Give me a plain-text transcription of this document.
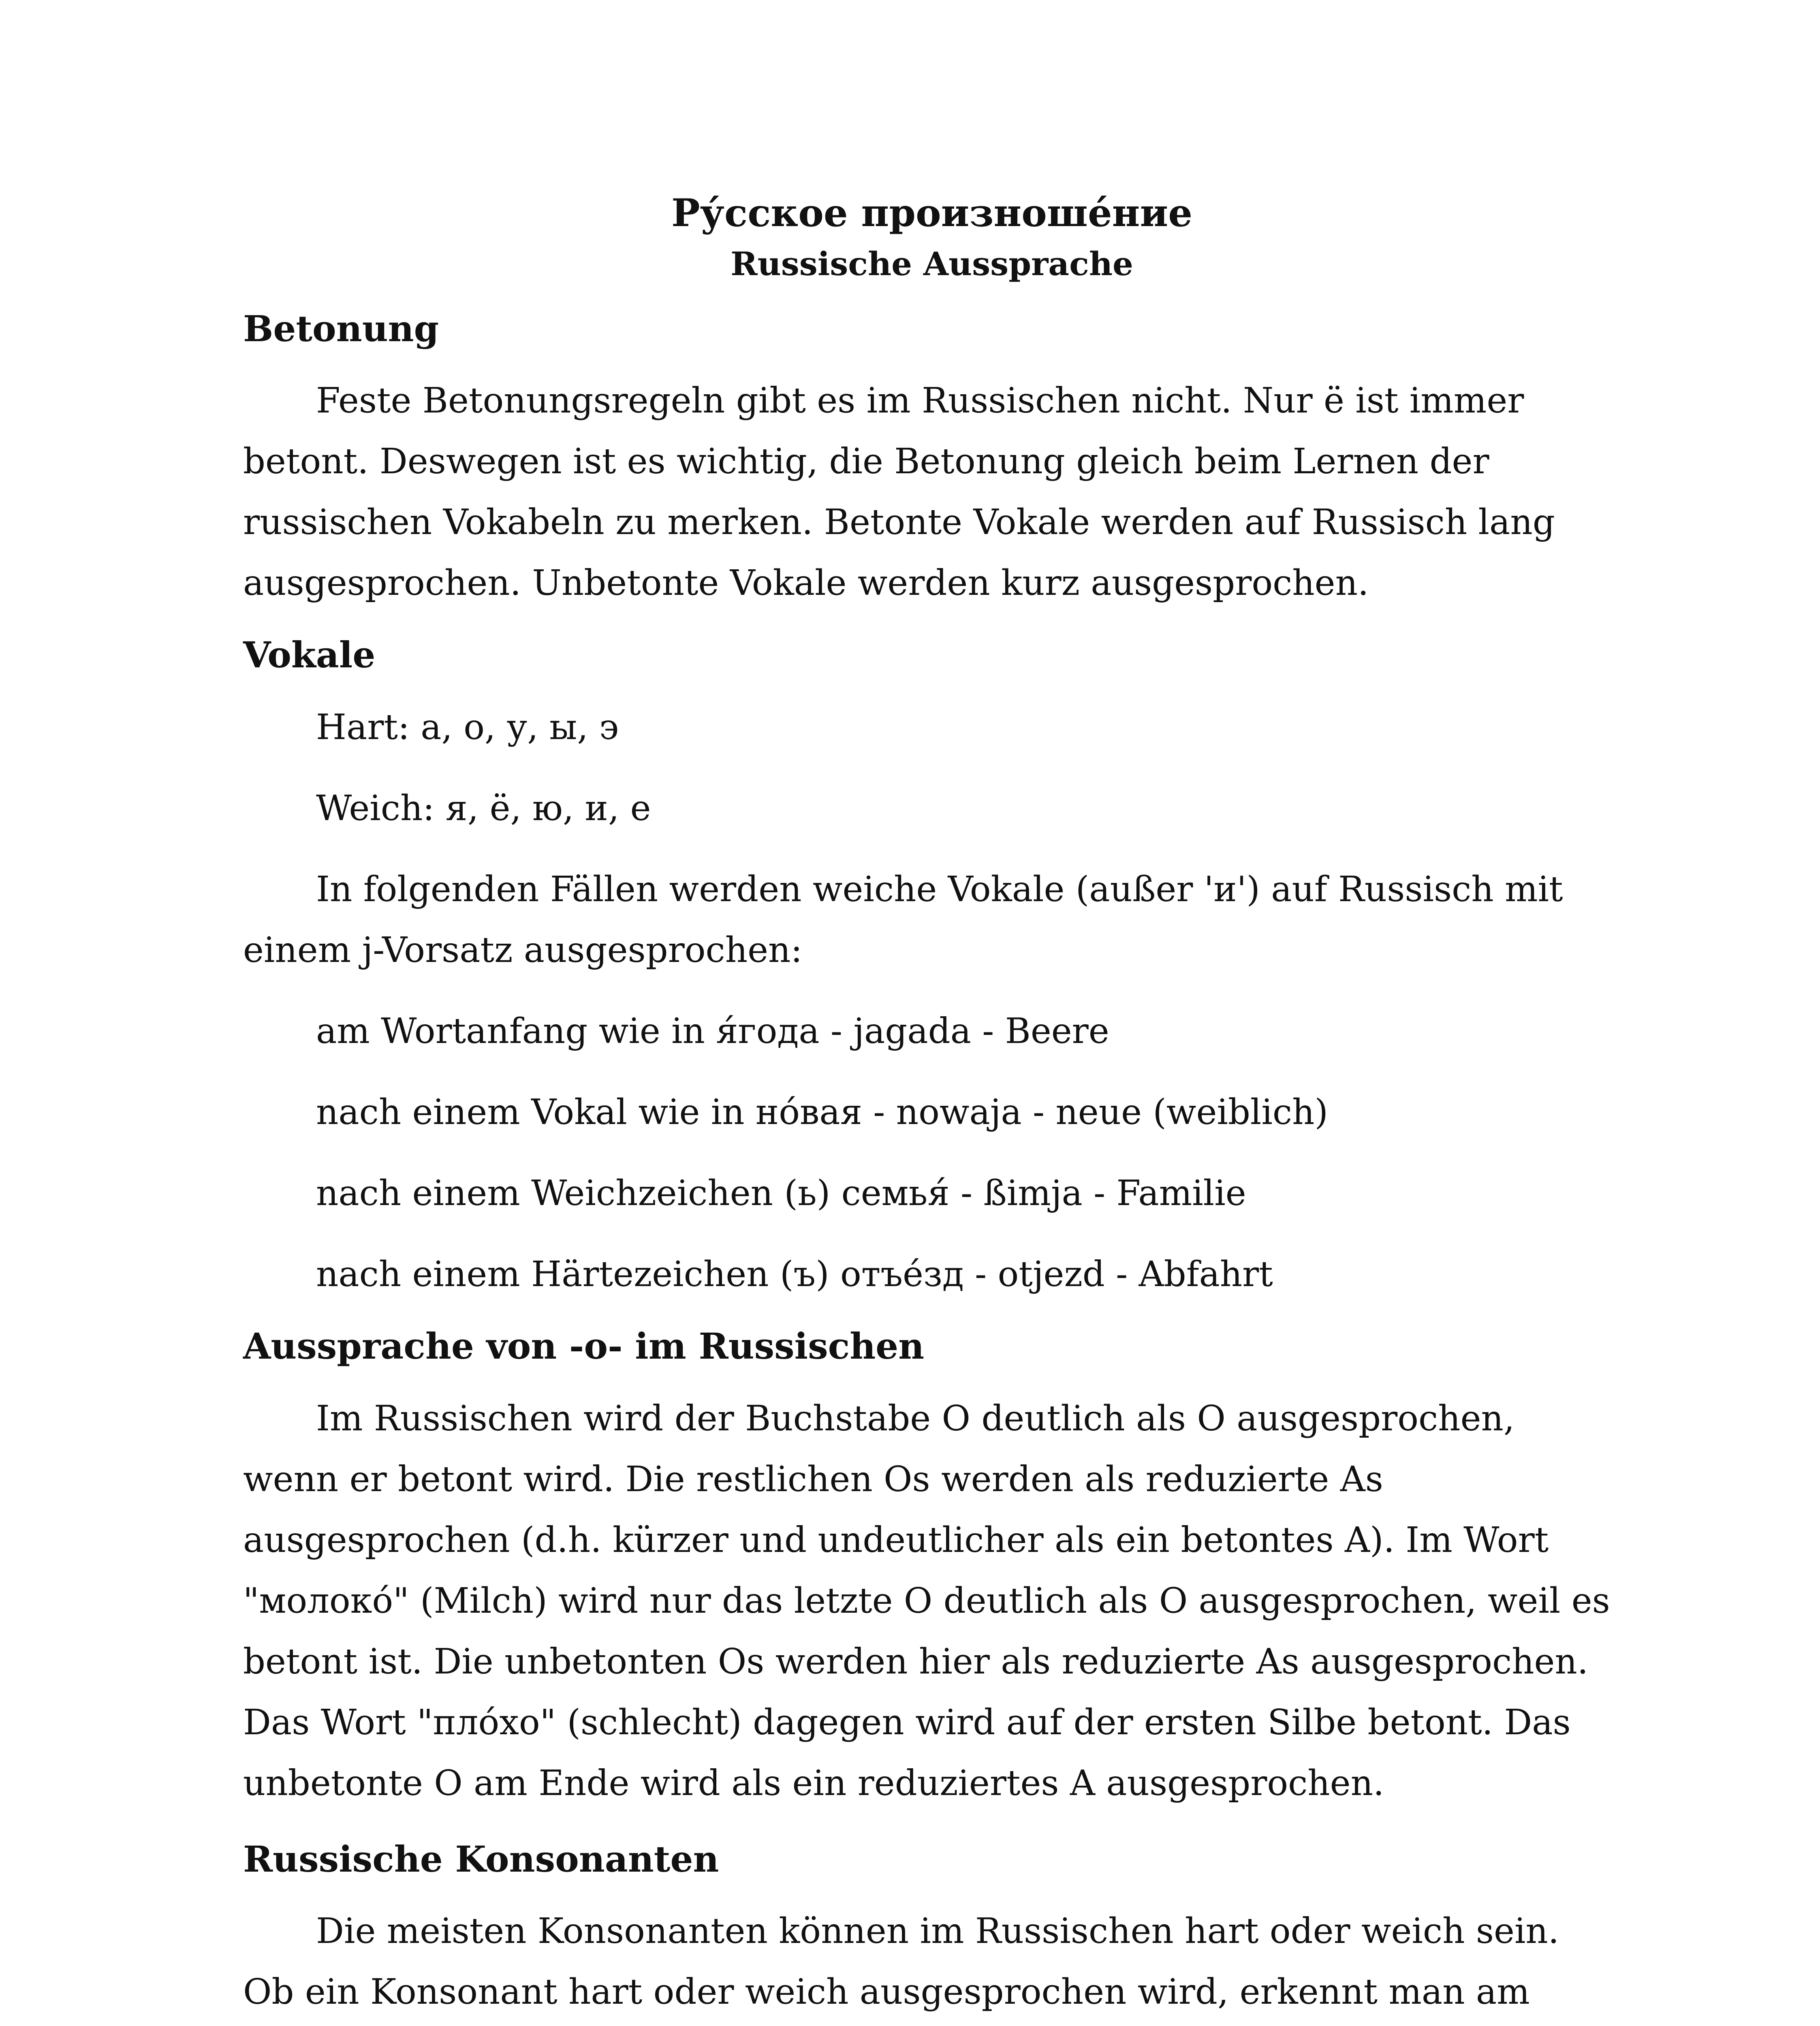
Ру́сское произноше́ние
Russische Aussprache
Betonung

Feste Betonungsregeln gibt es im Russischen nicht. Nur ё ist immer betont. Deswegen ist es wichtig, die Betonung gleich beim Lernen der russischen Vokabeln zu merken. Betonte Vokale werden auf Russisch lang ausgesprochen. Unbetonte Vokale werden kurz ausgesprochen.

Vokale

Hart: а, о, у, ы, э

Weich: я, ё, ю, и, е

In folgenden Fällen werden weiche Vokale (außer 'и') auf Russisch mit einem j-Vorsatz ausgesprochen:

am Wortanfang wie in я́года - jagada - Beere

nach einem Vokal wie in но́вая - nowaja - neue (weiblich)

nach einem Weichzeichen (ь) семья́ - ßimja - Familie

nach einem Härtezeichen (ъ) отъе́зд - otjezd - Abfahrt

Aussprache von -o- im Russischen

Im Russischen wird der Buchstabe O deutlich als O ausgesprochen, wenn er betont wird. Die restlichen Os werden als reduzierte As ausgesprochen (d.h. kürzer und undeutlicher als ein betontes A). Im Wort "молоко́" (Milch) wird nur das letzte O deutlich als O ausgesprochen, weil es betont ist. Die unbetonten Os werden hier als reduzierte As ausgesprochen. Das Wort "пло́хо" (schlecht) dagegen wird auf der ersten Silbe betont. Das unbetonte O am Ende wird als ein reduziertes A ausgesprochen.

Russische Konsonanten

Die meisten Konsonanten können im Russischen hart oder weich sein. Ob ein Konsonant hart oder weich ausgesprochen wird, erkennt man am
